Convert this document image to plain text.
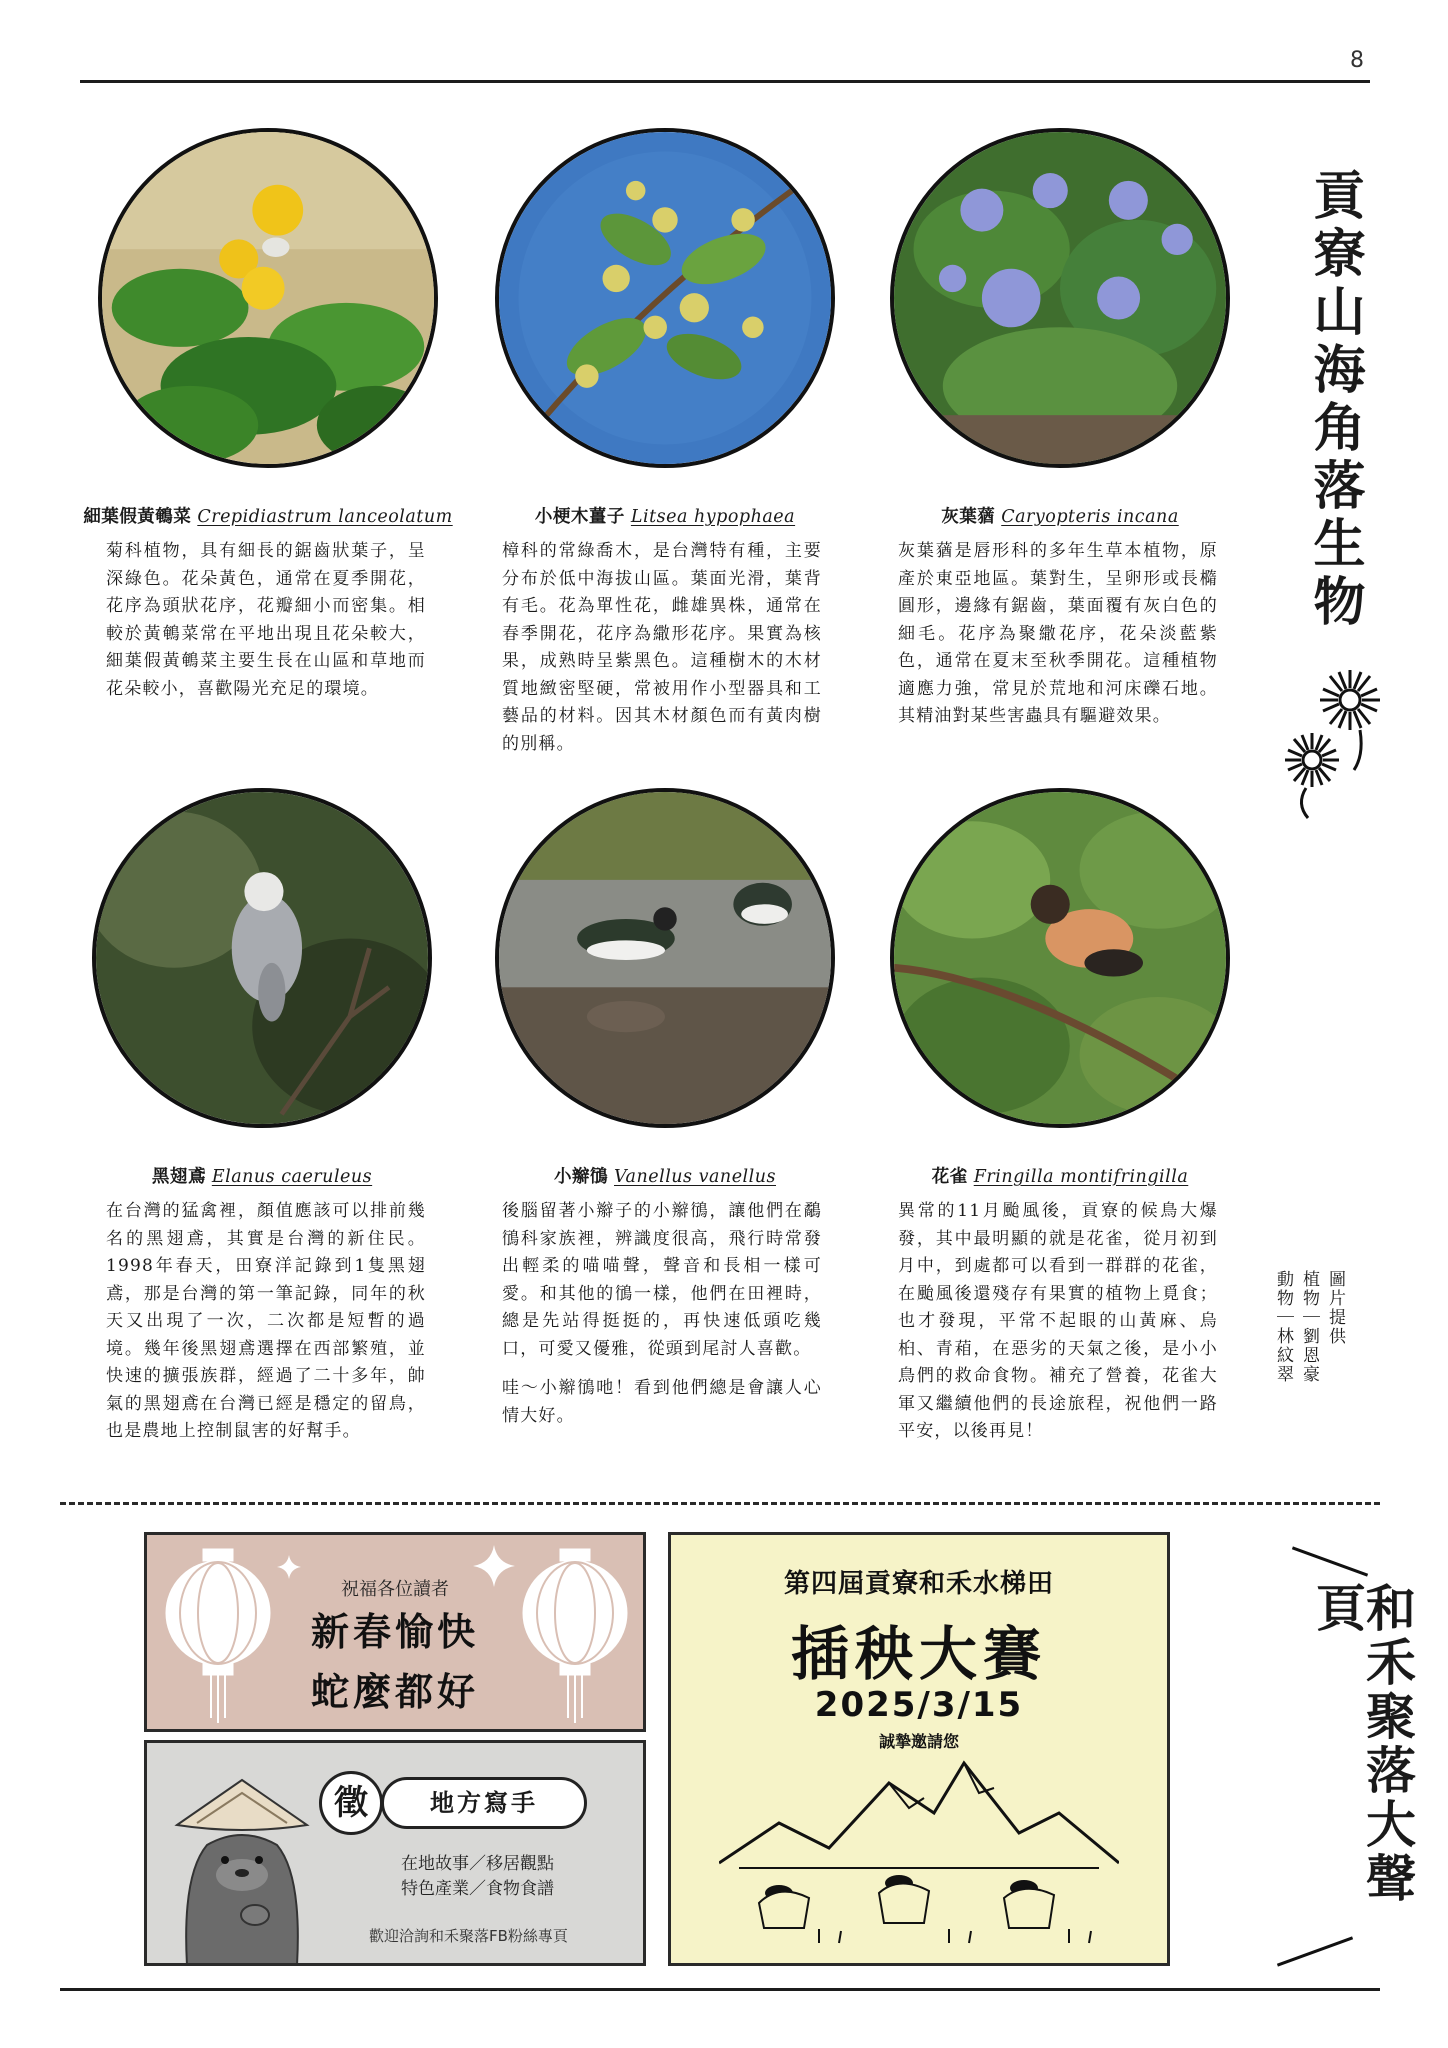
8
貢寮山海角落生物
細葉假黃鵪菜 Crepidiastrum lanceolatum	小梗木薑子 Litsea hypophaea	灰葉蕕 Caryopteris incana

菊科植物，具有細長的鋸齒狀葉子，呈深綠色。花朵黃色，通常在夏季開花，花序為頭狀花序，花瓣細小而密集。相較於黃鵪菜常在平地出現且花朵較大，細葉假黃鵪菜主要生長在山區和草地而花朵較小，喜歡陽光充足的環境。

樟科的常綠喬木，是台灣特有種，主要分布於低中海拔山區。葉面光滑，葉背有毛。花為單性花，雌雄異株，通常在春季開花，花序為繖形花序。果實為核果，成熟時呈紫黑色。這種樹木的木材質地緻密堅硬，常被用作小型器具和工藝品的材料。因其木材顏色而有黃肉樹的別稱。

灰葉蕕是唇形科的多年生草本植物，原產於東亞地區。葉對生，呈卵形或長橢圓形，邊緣有鋸齒，葉面覆有灰白色的細毛。花序為聚繖花序，花朵淡藍紫色，通常在夏末至秋季開花。這種植物適應力強，常見於荒地和河床礫石地。其精油對某些害蟲具有驅避效果。

黑翅鳶 Elanus caeruleus	小辮鴴 Vanellus vanellus	花雀 Fringilla montifringilla

在台灣的猛禽裡，顏值應該可以排前幾名的黑翅鳶，其實是台灣的新住民。1998年春天，田寮洋記錄到1隻黑翅鳶，那是台灣的第一筆記錄，同年的秋天又出現了一次，二次都是短暫的過境。幾年後黑翅鳶選擇在西部繁殖，並快速的擴張族群，經過了二十多年，帥氣的黑翅鳶在台灣已經是穩定的留鳥，也是農地上控制鼠害的好幫手。

後腦留著小辮子的小辮鴴，讓他們在鷸鴴科家族裡，辨識度很高，飛行時常發出輕柔的喵喵聲，聲音和長相一樣可愛。和其他的鴴一樣，他們在田裡時，總是先站得挺挺的，再快速低頭吃幾口，可愛又優雅，從頭到尾討人喜歡。

哇～小辮鴴吔！看到他們總是會讓人心情大好。

異常的11月颱風後，貢寮的候鳥大爆發，其中最明顯的就是花雀，從月初到月中，到處都可以看到一群群的花雀，在颱風後還殘存有果實的植物上覓食；也才發現，平常不起眼的山黃麻、烏桕、青葙，在惡劣的天氣之後，是小小鳥們的救命食物。補充了營養，花雀大軍又繼續他們的長途旅程，祝他們一路平安，以後再見！

圖片提供
植物｜劉恩豪
動物｜林紋翠
祝福各位讀者
新春愉快
蛇麼都好
徵	地方寫手
在地故事／移居觀點
特色產業／食物食譜
歡迎洽詢和禾聚落FB粉絲專頁
第四屆貢寮和禾水梯田
插秧大賽
2025/3/15
誠摯邀請您	和禾聚落大聲頁
